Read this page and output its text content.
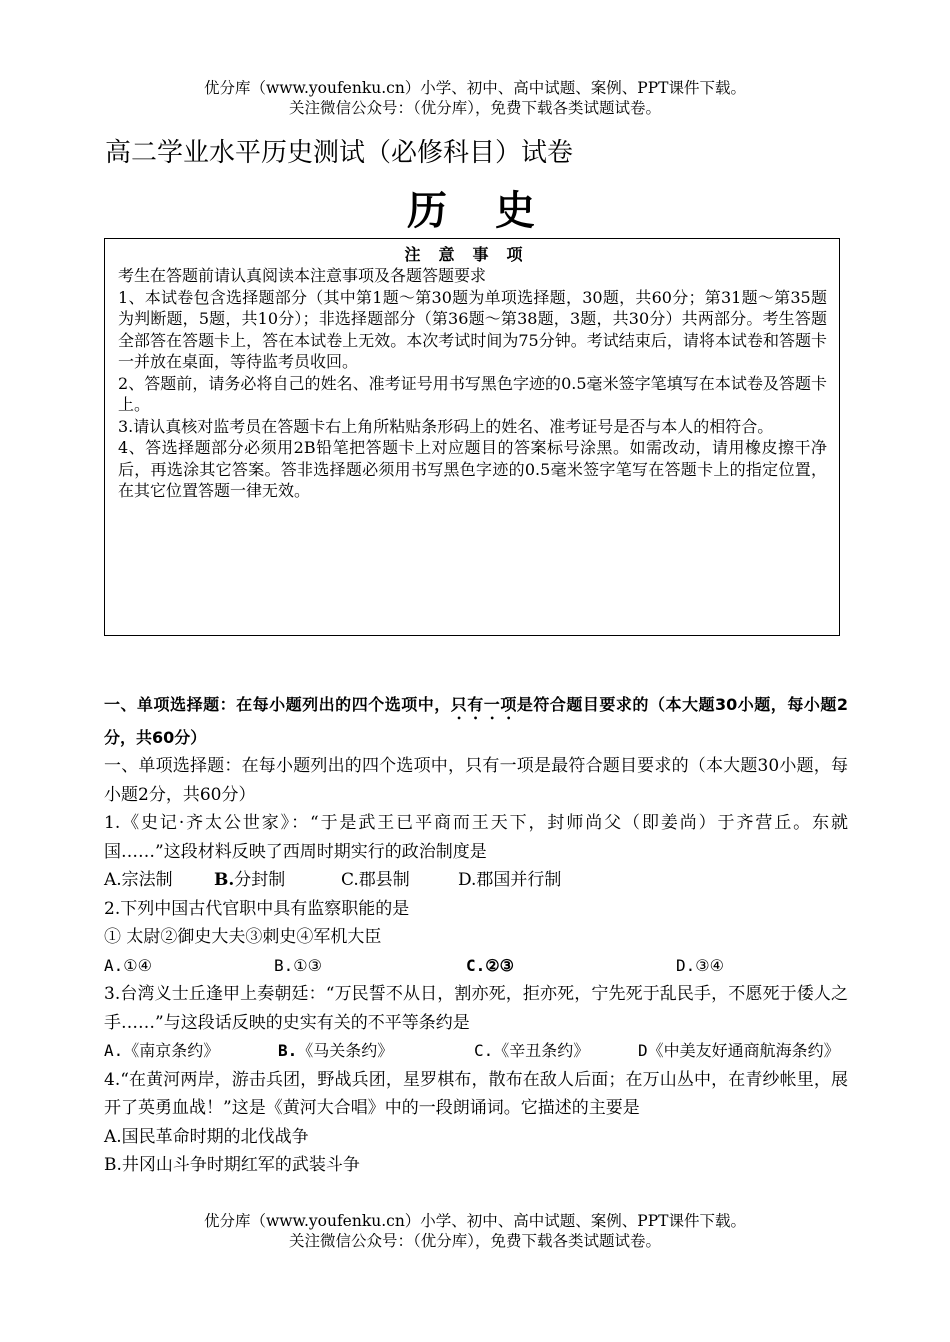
优分库（www.youfenku.cn）小学、初中、高中试题、案例、PPT课件下载。
关注微信公众号：（优分库），免费下载各类试题试卷。
高二学业水平历史测试（必修科目）试卷
历史
注意事项

考生在答题前请认真阅读本注意事项及各题答题要求

1、本试卷包含选择题部分（其中第1题～第30题为单项选择题，30题，共60分；第31题～第35题为判断题，5题，共10分）；非选择题部分（第36题～第38题，3题，共30分）共两部分。考生答题全部答在答题卡上，答在本试卷上无效。本次考试时间为75分钟。考试结束后，请将本试卷和答题卡一并放在桌面，等待监考员收回。

2、答题前，请务必将自己的姓名、准考证号用书写黑色字迹的0.5毫米签字笔填写在本试卷及答题卡上。

3.请认真核对监考员在答题卡右上角所粘贴条形码上的姓名、准考证号是否与本人的相符合。

4、答选择题部分必须用2B铅笔把答题卡上对应题目的答案标号涂黑。如需改动，请用橡皮擦干净后，再选涂其它答案。答非选择题必须用书写黑色字迹的0.5毫米签字笔写在答题卡上的指定位置，在其它位置答题一律无效。

一、单项选择题：在每小题列出的四个选项中，只有一项是符合题目要求的（本大题30小题，每小题2分，共60分）

一、单项选择题：在每小题列出的四个选项中，只有一项是最符合题目要求的（本大题30小题，每小题2分，共60分）

1.《史记·齐太公世家》：“于是武王已平商而王天下，封师尚父（即姜尚）于齐营丘。东就国……”这段材料反映了西周时期实行的政治制度是

A.宗法制	B.分封制	C.郡县制	D.郡国并行制

2.下列中国古代官职中具有监察职能的是

① 太尉②御史大夫③刺史④军机大臣

A.①④	B.①③	C.②③	D.③④

3.台湾义士丘逢甲上奏朝廷：“万民誓不从日，割亦死，拒亦死，宁先死于乱民手，不愿死于倭人之手……”与这段话反映的史实有关的不平等条约是

A.《南京条约》	B.《马关条约》	C.《辛丑条约》	D《中美友好通商航海条约》

4.“在黄河两岸，游击兵团，野战兵团，星罗棋布，散布在敌人后面；在万山丛中，在青纱帐里，展开了英勇血战！”这是《黄河大合唱》中的一段朗诵词。它描述的主要是

A.国民革命时期的北伐战争

B.井冈山斗争时期红军的武装斗争

优分库（www.youfenku.cn）小学、初中、高中试题、案例、PPT课件下载。
关注微信公众号：（优分库），免费下载各类试题试卷。
